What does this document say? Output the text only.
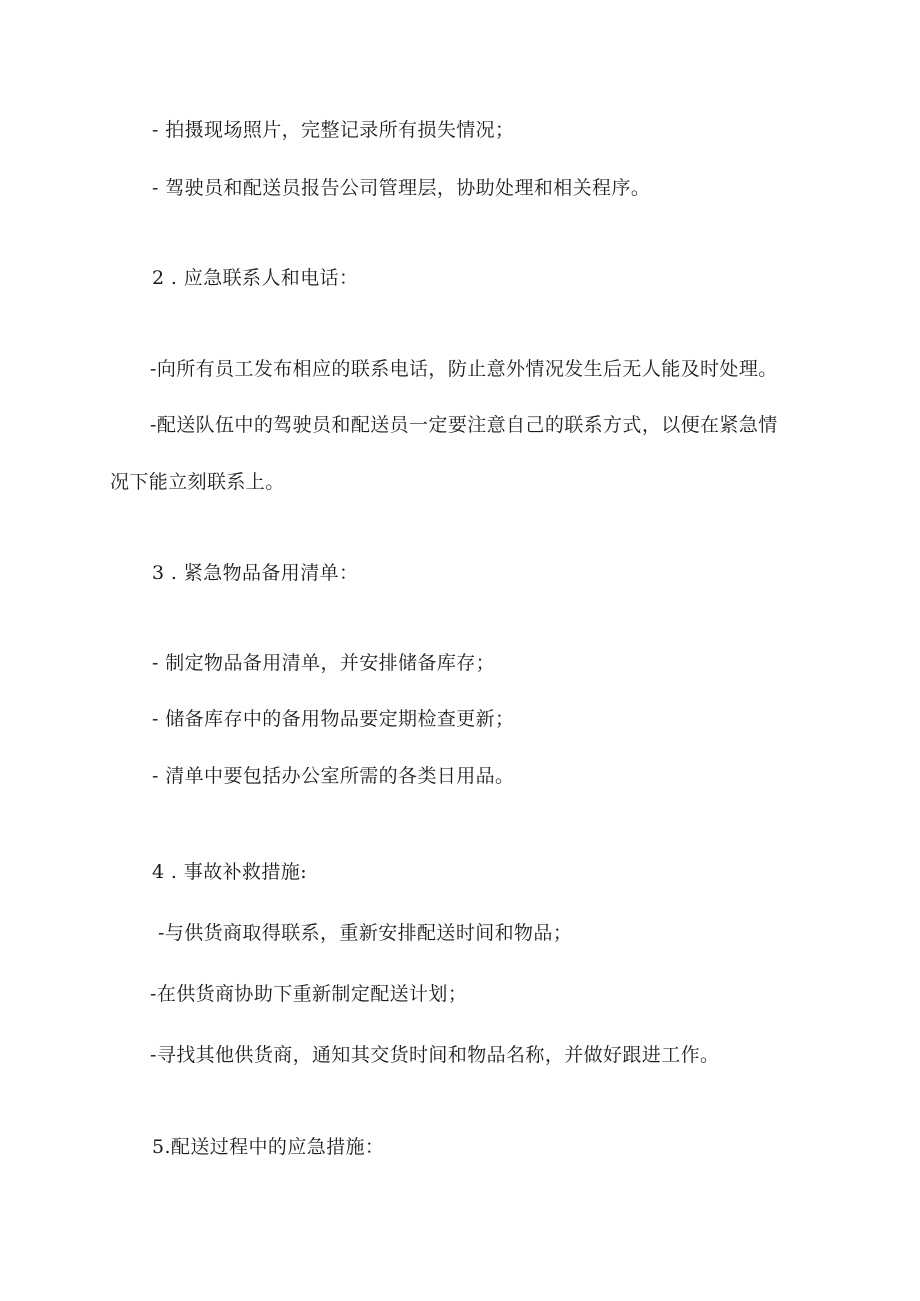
- 拍摄现场照片，完整记录所有损失情况；
- 驾驶员和配送员报告公司管理层，协助处理和相关程序。
2 . 应急联系人和电话：
-向所有员工发布相应的联系电话，防止意外情况发生后无人能及时处理。
-配送队伍中的驾驶员和配送员一定要注意自己的联系方式，以便在紧急情
况下能立刻联系上。
3 . 紧急物品备用清单：
- 制定物品备用清单，并安排储备库存；
- 储备库存中的备用物品要定期检查更新；
- 清单中要包括办公室所需的各类日用品。
4 . 事故补救措施:
-与供货商取得联系，重新安排配送时间和物品；
-在供货商协助下重新制定配送计划；
-寻找其他供货商，通知其交货时间和物品名称，并做好跟进工作。
5.配送过程中的应急措施：
